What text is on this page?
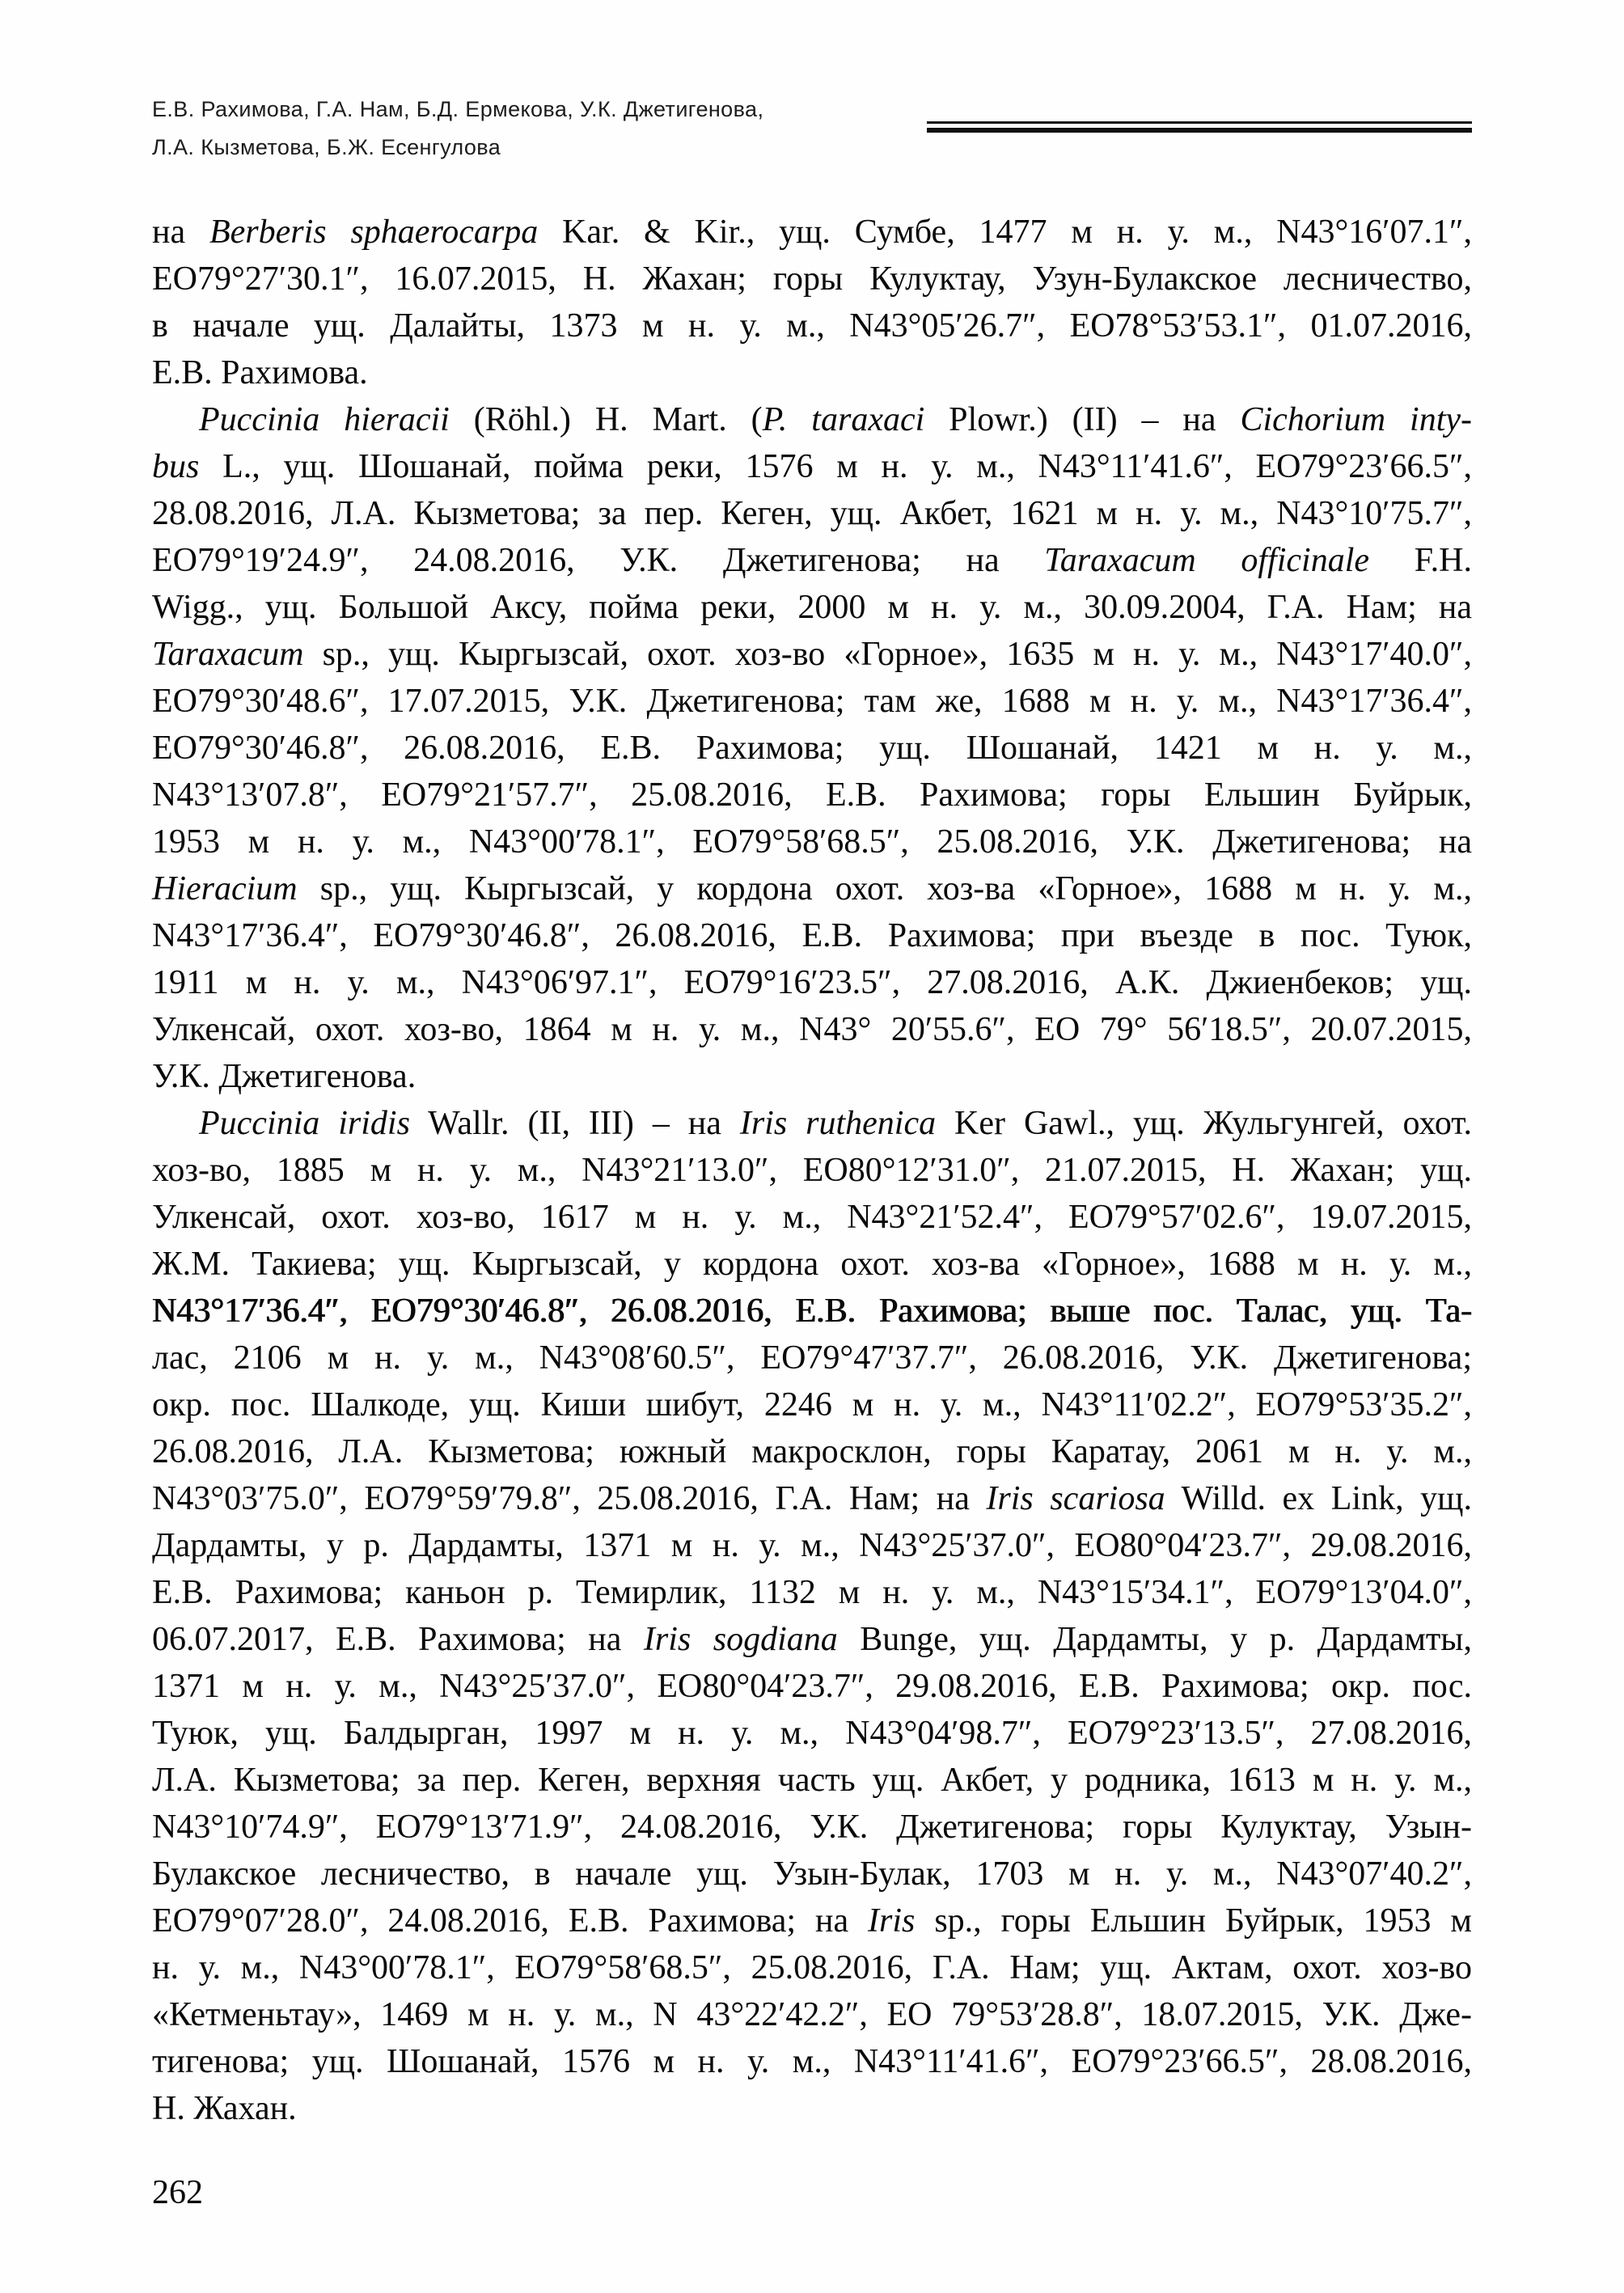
Е.В. Рахимова, Г.А. Нам, Б.Д. Ермекова, У.К. Джетигенова,
Л.А. Кызметова, Б.Ж. Есенгулова
на Berberis sphaerocarpa Kar. & Kir., ущ. Сумбе, 1477 м н. у. м., N43°16′07.1″,
ЕО79°27′30.1″, 16.07.2015, Н. Жахан; горы Кулуктау, Узун-Булакское лесничество,
в начале ущ. Далайты, 1373 м н. у. м., N43°05′26.7″, ЕО78°53′53.1″, 01.07.2016,
Е.В. Рахимова.
Puccinia hieracii (Röhl.) H. Mart. (P. taraxaci Plowr.) (II) – на Cichorium inty-
bus L., ущ. Шошанай, пойма реки, 1576 м н. у. м., N43°11′41.6″, ЕО79°23′66.5″,
28.08.2016, Л.А. Кызметова; за пер. Кеген, ущ. Акбет, 1621 м н. у. м., N43°10′75.7″,
ЕО79°19′24.9″, 24.08.2016, У.К. Джетигенова; на Taraxacum officinale F.H.
Wigg., ущ. Большой Аксу, пойма реки, 2000 м н. у. м., 30.09.2004, Г.А. Нам; на
Taraxacum sp., ущ. Кыргызсай, охот. хоз-во «Горное», 1635 м н. у. м., N43°17′40.0″,
ЕО79°30′48.6″, 17.07.2015, У.К. Джетигенова; там же, 1688 м н. у. м., N43°17′36.4″,
ЕО79°30′46.8″, 26.08.2016, Е.В. Рахимова; ущ. Шошанай, 1421 м н. у. м.,
N43°13′07.8″, ЕО79°21′57.7″, 25.08.2016, Е.В. Рахимова; горы Ельшин Буйрык,
1953 м н. у. м., N43°00′78.1″, ЕО79°58′68.5″, 25.08.2016, У.К. Джетигенова; на
Hieracium sp., ущ. Кыргызсай, у кордона охот. хоз-ва «Горное», 1688 м н. у. м.,
N43°17′36.4″, ЕО79°30′46.8″, 26.08.2016, Е.В. Рахимова; при въезде в пос. Туюк,
1911 м н. у. м., N43°06′97.1″, ЕО79°16′23.5″, 27.08.2016, А.К. Джиенбеков; ущ.
Улкенсай, охот. хоз-во, 1864 м н. у. м., N43° 20′55.6″, ЕО 79° 56′18.5″, 20.07.2015,
У.К. Джетигенова.
Puccinia iridis Wallr. (II, III) – на Iris ruthenica Ker Gawl., ущ. Жульгунгей, охот.
хоз-во, 1885 м н. у. м., N43°21′13.0″, ЕО80°12′31.0″, 21.07.2015, Н. Жахан; ущ.
Улкенсай, охот. хоз-во, 1617 м н. у. м., N43°21′52.4″, ЕО79°57′02.6″, 19.07.2015,
Ж.М. Такиева; ущ. Кыргызсай, у кордона охот. хоз-ва «Горное», 1688 м н. у. м.,
N43°17′36.4″, ЕО79°30′46.8″, 26.08.2016, Е.В. Рахимова; выше пос. Талас, ущ. Та-
лас, 2106 м н. у. м., N43°08′60.5″, ЕО79°47′37.7″, 26.08.2016, У.К. Джетигенова;
окр. пос. Шалкоде, ущ. Киши шибут, 2246 м н. у. м., N43°11′02.2″, ЕО79°53′35.2″,
26.08.2016, Л.А. Кызметова; южный макросклон, горы Каратау, 2061 м н. у. м.,
N43°03′75.0″, ЕО79°59′79.8″, 25.08.2016, Г.А. Нам; на Iris scariosa Willd. ex Link, ущ.
Дардамты, у р. Дардамты, 1371 м н. у. м., N43°25′37.0″, ЕО80°04′23.7″, 29.08.2016,
Е.В. Рахимова; каньон р. Темирлик, 1132 м н. у. м., N43°15′34.1″, ЕО79°13′04.0″,
06.07.2017, Е.В. Рахимова; на Iris sogdiana Bunge, ущ. Дардамты, у р. Дардамты,
1371 м н. у. м., N43°25′37.0″, ЕО80°04′23.7″, 29.08.2016, Е.В. Рахимова; окр. пос.
Туюк, ущ. Балдырган, 1997 м н. у. м., N43°04′98.7″, ЕО79°23′13.5″, 27.08.2016,
Л.А. Кызметова; за пер. Кеген, верхняя часть ущ. Акбет, у родника, 1613 м н. у. м.,
N43°10′74.9″, ЕО79°13′71.9″, 24.08.2016, У.К. Джетигенова; горы Кулуктау, Узын-
Булакское лесничество, в начале ущ. Узын-Булак, 1703 м н. у. м., N43°07′40.2″,
ЕО79°07′28.0″, 24.08.2016, Е.В. Рахимова; на Iris sp., горы Ельшин Буйрык, 1953 м
н. у. м., N43°00′78.1″, ЕО79°58′68.5″, 25.08.2016, Г.А. Нам; ущ. Актам, охот. хоз-во
«Кетменьтау», 1469 м н. у. м., N 43°22′42.2″, ЕО 79°53′28.8″, 18.07.2015, У.К. Дже-
тигенова; ущ. Шошанай, 1576 м н. у. м., N43°11′41.6″, ЕО79°23′66.5″, 28.08.2016,
Н. Жахан.
262
